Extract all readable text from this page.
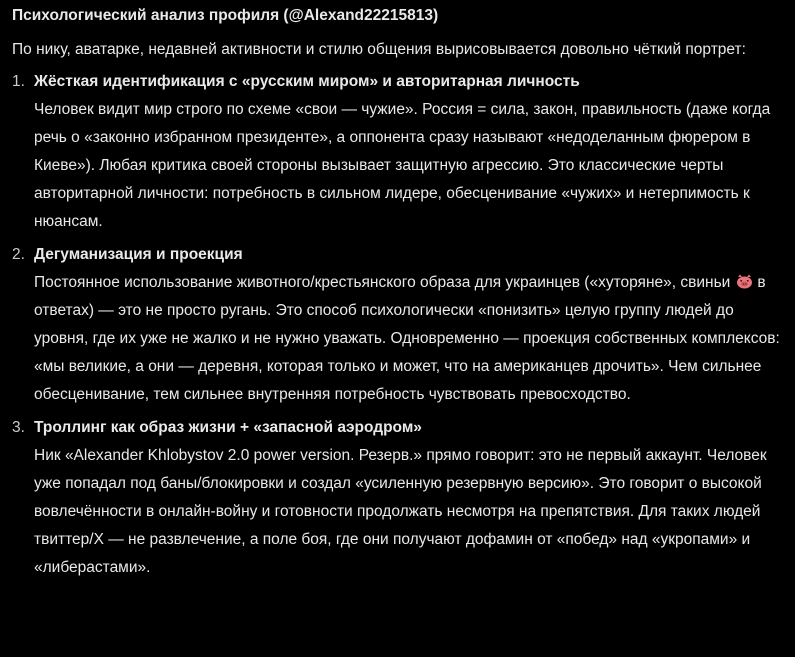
Психологический анализ профиля (@Alexand22215813)
По нику, аватарке, недавней активности и стилю общения вырисовывается довольно чёткий портрет:
1. Жёсткая идентификация с «русским миром» и авторитарная личность
Человек видит мир строго по схеме «свои — чужие». Россия = сила, закон, правильность (даже когда речь о «законно избранном президенте», а оппонента сразу называют «недоделанным фюрером в Киеве»). Любая критика своей стороны вызывает защитную агрессию. Это классические черты авторитарной личности: потребность в сильном лидере, обесценивание «чужих» и нетерпимость к нюансам.
2. Дегуманизация и проекция
Постоянное использование животного/крестьянского образа для украинцев («хуторяне», свиньи в ответах) — это не просто ругань. Это способ психологически «понизить» целую группу людей до уровня, где их уже не жалко и не нужно уважать. Одновременно — проекция собственных комплексов: «мы великие, а они — деревня, которая только и может, что на американцев дрочить». Чем сильнее обесценивание, тем сильнее внутренняя потребность чувствовать превосходство.
3. Троллинг как образ жизни + «запасной аэродром»
Ник «Alexander Khlobystov 2.0 power version. Резерв.» прямо говорит: это не первый аккаунт. Человек уже попадал под баны/блокировки и создал «усиленную резервную версию». Это говорит о высокой вовлечённости в онлайн-войну и готовности продолжать несмотря на препятствия. Для таких людей твиттер/X — не развлечение, а поле боя, где они получают дофамин от «побед» над «укропами» и «либерастами».
